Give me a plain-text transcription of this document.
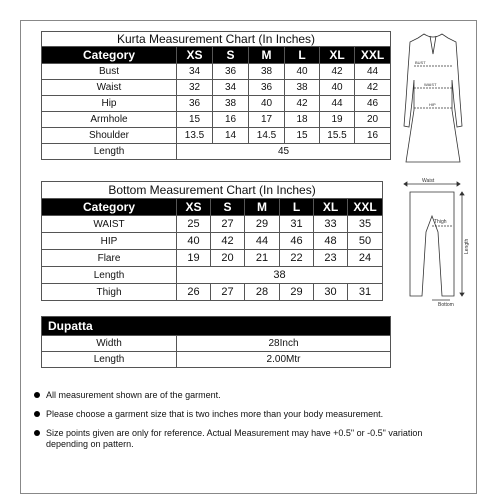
Kurta Measurement Chart (In Inches)						
Category	XS	S	M	L	XL	XXL
Bust	34	36	38	40	42	44
Waist	32	34	36	38	40	42
Hip	36	38	40	42	44	46
Armhole	15	16	17	18	19	20
Shoulder	13.5	14	14.5	15	15.5	16
Length	45					
Bottom Measurement Chart (In Inches)						
Category	XS	S	M	L	XL	XXL
WAIST	25	27	29	31	33	35
HIP	40	42	44	46	48	50
Flare	19	20	21	22	23	24
Length	38					
Thigh	26	27	28	29	30	31
Dupatta	
Width	28Inch
Length	2.00Mtr
BUST
WAIST
HIP
Waist
Thigh
Length
Bottom
All measurement shown are of the garment.
Please choose a garment size that is two inches more than your body measurement.
Size points given are only for reference. Actual Measurement may have +0.5" or -0.5" variation depending on pattern.
